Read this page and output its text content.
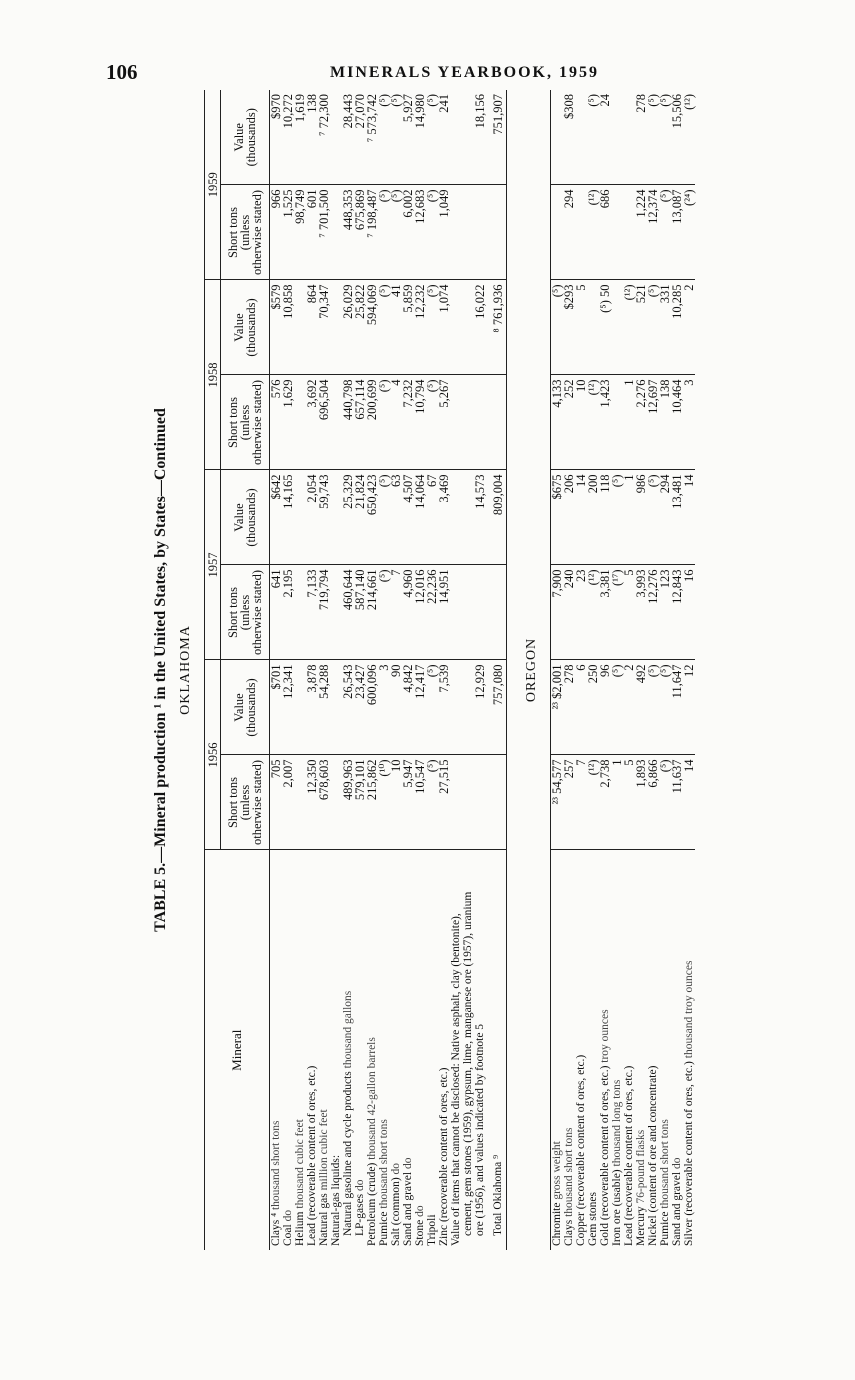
106	MINERALS YEARBOOK, 1959
TABLE 5.—Mineral production ¹ in the United States, by States—Continued OKLAHOMA
Mineral	1956		1957		1958		1959	
	Short tons (unless otherwise stated)	Value (thousands)	Short tons (unless otherwise stated)	Value (thousands)	Short tons (unless otherwise stated)	Value (thousands)	Short tons (unless otherwise stated)	Value (thousands)
Clays ⁴ thousand short tons	705	$701	641	$642	576	$579	966	$970
Coal do	2,007	12,341	2,195	14,165	1,629	10,858	1,525	10,272
Helium thousand cubic feet							98,749	1,619
Lead (recoverable content of ores, etc.)	12,350	3,878	7,133	2,054	3,692	864	601	138
Natural gas million cubic feet	678,603	54,288	719,794	59,743	696,504	70,347	⁷ 701,500	⁷ 72,300
Natural-gas liquids:								
Natural gasoline and cycle products thousand gallons	489,963	26,543	460,644	25,329	440,798	26,029	448,353	28,443
LP-gases do	579,101	23,427	587,140	21,824	657,114	25,822	675,869	27,070
Petroleum (crude) thousand 42-gallon barrels	215,862	600,096	214,661	650,423	200,699	594,069	⁷ 198,487	⁷ 573,742
Pumice thousand short tons	(¹⁰)	3	(⁵)	(⁵)	(⁵)	(⁵)	(⁵)	(⁵)
Salt (common) do	10	90	7	63	4	41	(⁵)	(⁵)
Sand and gravel do	5,947	4,842	4,960	4,507	7,232	5,859	6,002	5,927
Stone do	10,547	12,417	12,016	14,064	10,794	12,232	12,683	14,980
Tripoli	(⁵)	(⁵)	22,236	67	(⁵)	(⁵)	(⁵)	(⁵)
Zinc (recoverable content of ores, etc.)	27,515	7,539	14,951	3,469	5,267	1,074	1,049	241
Value of items that cannot be disclosed: Native asphalt, clay (bentonite),								
cement, gem stones (1959), gypsum, lime, manganese ore (1957), uranium								
ore (1956), and values indicated by footnote 5		12,929		14,573		16,022		18,156
Total Oklahoma ⁹		757,080		809,004		⁸ 761,936		751,907
OREGON
Chromite gross weight	²³ 54,577	²³ $2,001	7,900	$675	4,133	(⁵)		
Clays thousand short tons	257	278	240	206	252	$293	294	$308
Copper (recoverable content of ores, etc.)	7	6	23	14	10	5		
Gem stones	(¹²)	250	(¹²)	200	(¹²)		(¹²)	(⁵)
Gold (recoverable content of ores, etc.) troy ounces	2,738	96	3,381	118	1,423	(⁵) 50	686	24
Iron ore (usable) thousand long tons	1	(⁵)	(¹⁷)	(⁵)				
Lead (recoverable content of ores, etc.)	5	2	5	1	1	(¹²)		
Mercury 76-pound flasks	1,893	492	3,993	986	2,276	521	1,224	278
Nickel (content of ore and concentrate)	6,866	(⁵)	12,276	(⁵)	12,697	(⁵)	12,374	(⁵)
Pumice thousand short tons	(⁵)	(⁵)	123	294	138	331	(⁵)	(⁵)
Sand and gravel do	11,637	11,647	12,843	13,481	10,464	10,285	13,087	15,506
Silver (recoverable content of ores, etc.) thousand troy ounces	14	12	16	14	3	2	(²⁴)	(¹²)
